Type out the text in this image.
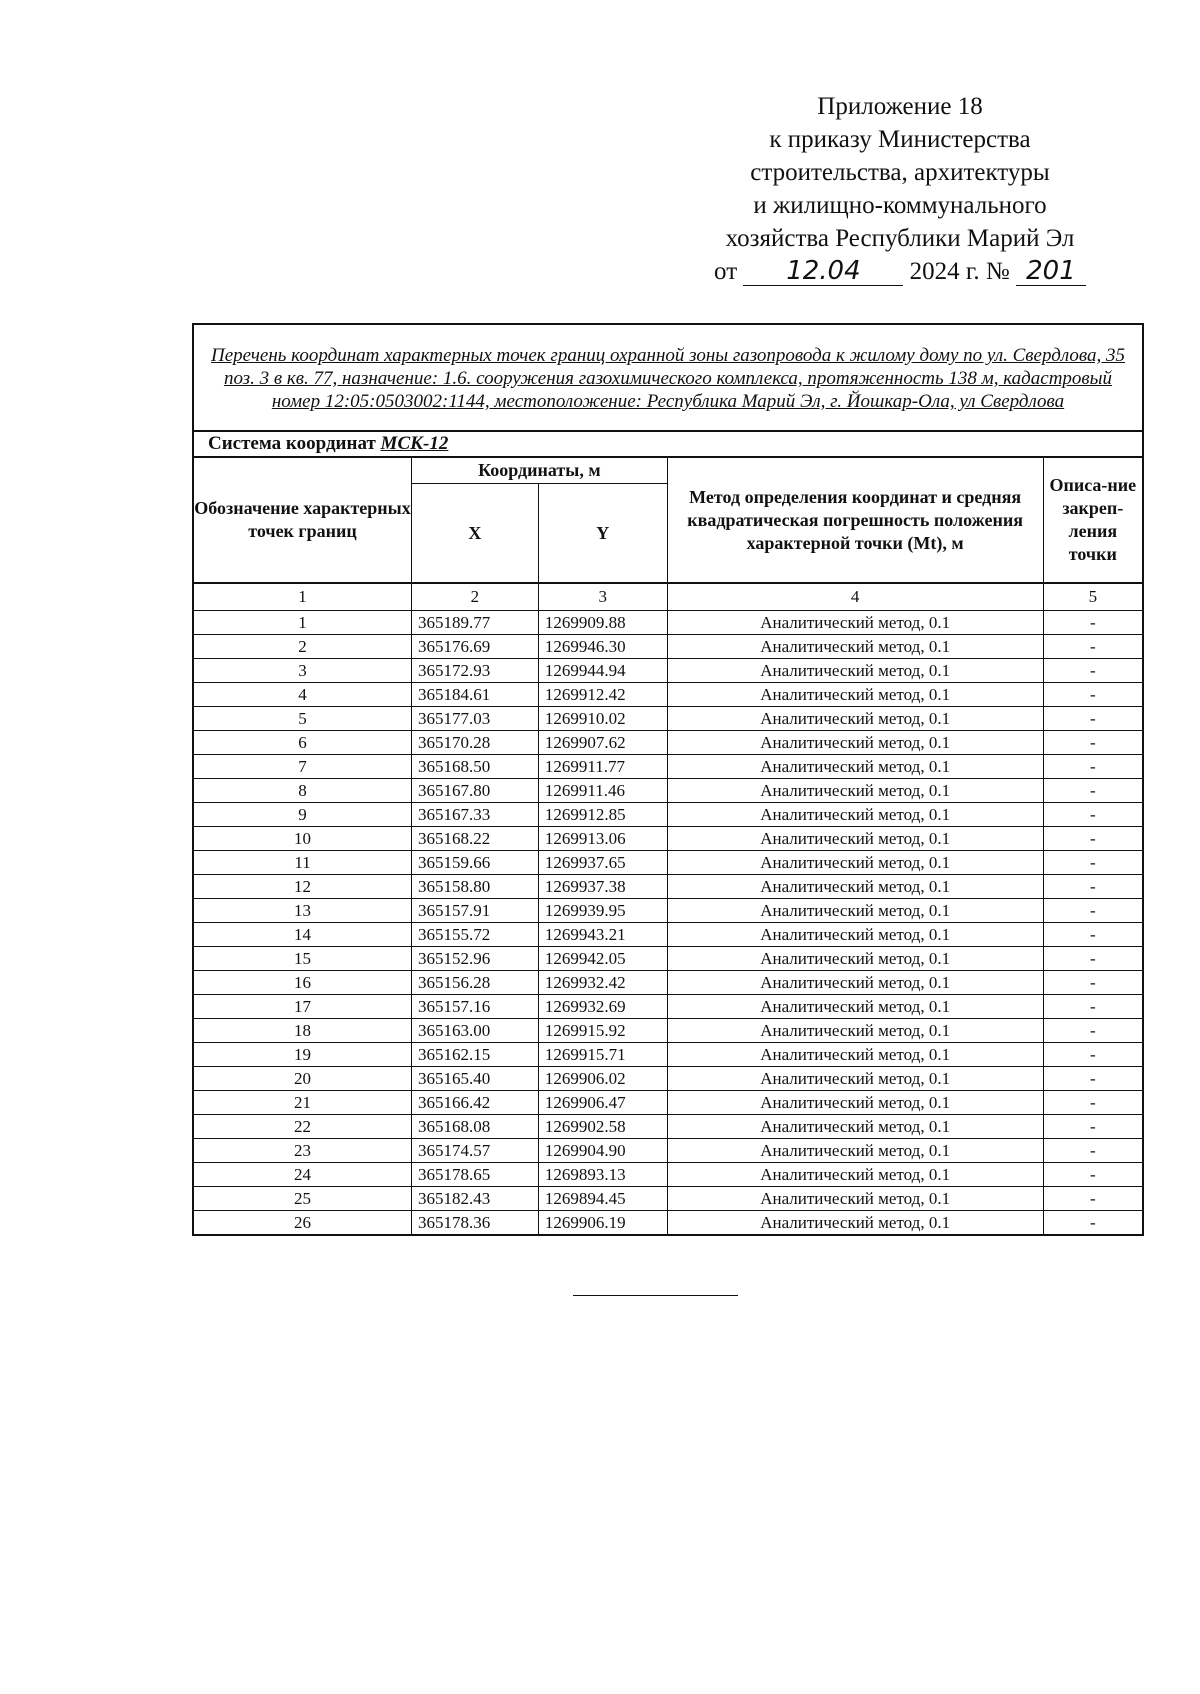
Приложение 18
к приказу Министерства
строительства, архитектуры
и жилищно-коммунального
хозяйства Республики Марий Эл
от 12.04 2024 г. № 201
Перечень координат характерных точек границ охранной зоны газопровода к жилому дому по ул. Свердлова, 35 поз. 3 в кв. 77, назначение: 1.6. сооружения газохимического комплекса, протяженность 138 м, кадастровый номер 12:05:0503002:1144, местоположение: Республика Марий Эл, г. Йошкар-Ола, ул Свердлова				
Система координат МСК-12				
Обозначение характерных точек границ	Координаты, м		Метод определения координат и средняя квадратическая погрешность положения характерной точки (Mt), м	Описа-ние закреп-ления точки
	X	Y		
1	2	3	4	5
1	365189.77	1269909.88	Аналитический метод, 0.1	-
2	365176.69	1269946.30	Аналитический метод, 0.1	-
3	365172.93	1269944.94	Аналитический метод, 0.1	-
4	365184.61	1269912.42	Аналитический метод, 0.1	-
5	365177.03	1269910.02	Аналитический метод, 0.1	-
6	365170.28	1269907.62	Аналитический метод, 0.1	-
7	365168.50	1269911.77	Аналитический метод, 0.1	-
8	365167.80	1269911.46	Аналитический метод, 0.1	-
9	365167.33	1269912.85	Аналитический метод, 0.1	-
10	365168.22	1269913.06	Аналитический метод, 0.1	-
11	365159.66	1269937.65	Аналитический метод, 0.1	-
12	365158.80	1269937.38	Аналитический метод, 0.1	-
13	365157.91	1269939.95	Аналитический метод, 0.1	-
14	365155.72	1269943.21	Аналитический метод, 0.1	-
15	365152.96	1269942.05	Аналитический метод, 0.1	-
16	365156.28	1269932.42	Аналитический метод, 0.1	-
17	365157.16	1269932.69	Аналитический метод, 0.1	-
18	365163.00	1269915.92	Аналитический метод, 0.1	-
19	365162.15	1269915.71	Аналитический метод, 0.1	-
20	365165.40	1269906.02	Аналитический метод, 0.1	-
21	365166.42	1269906.47	Аналитический метод, 0.1	-
22	365168.08	1269902.58	Аналитический метод, 0.1	-
23	365174.57	1269904.90	Аналитический метод, 0.1	-
24	365178.65	1269893.13	Аналитический метод, 0.1	-
25	365182.43	1269894.45	Аналитический метод, 0.1	-
26	365178.36	1269906.19	Аналитический метод, 0.1	-
